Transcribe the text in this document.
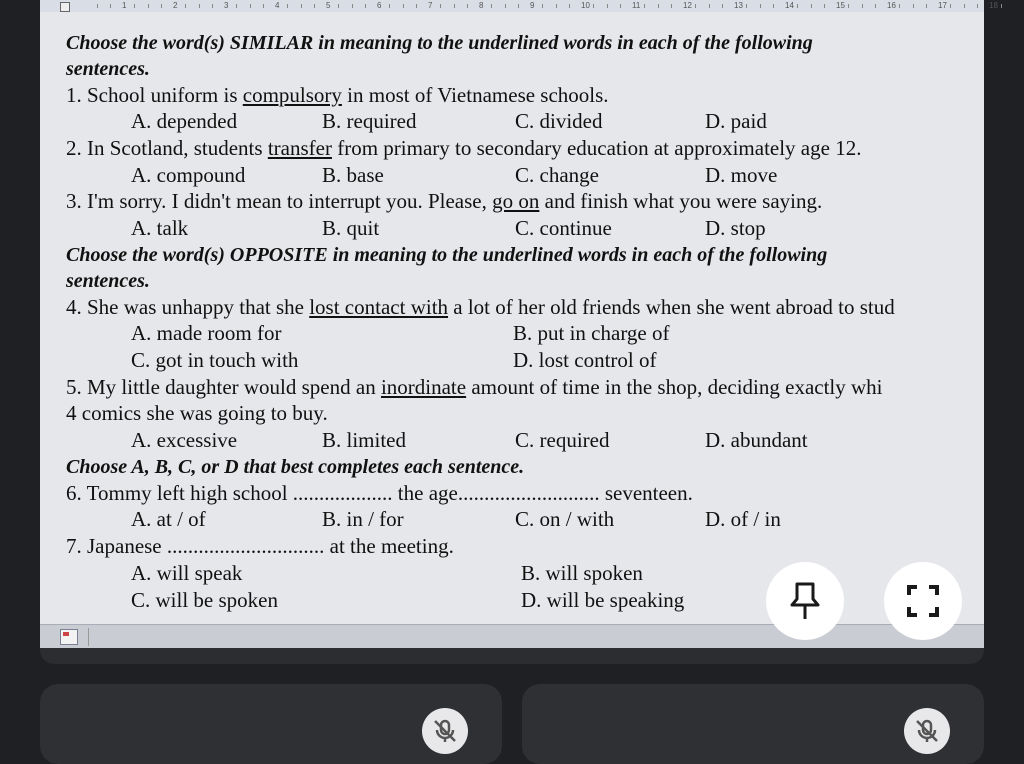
1	2	3	4	5	6	7	8	9	10	11	12	13	14	15	16	17	18
Choose the word(s) SIMILAR in meaning to the underlined words in each of the following
sentences.
1. School uniform is compulsory in most of Vietnamese schools.
A. depended	B. required	C. divided	D. paid
2. In Scotland, students transfer from primary to secondary education at approximately age 12.
A. compound	B. base	C. change	D. move
3. I'm sorry. I didn't mean to interrupt you. Please, go on and finish what you were saying.
A. talk	B. quit	C. continue	D. stop
Choose the word(s) OPPOSITE in meaning to the underlined words in each of the following
sentences.
4. She was unhappy that she lost contact with a lot of her old friends when she went abroad to stud
A. made room for	B. put in charge of
C. got in touch with	D. lost control of
5. My little daughter would spend an inordinate amount of time in the shop, deciding exactly whi
4 comics she was going to buy.
A. excessive	B. limited	C. required	D. abundant
Choose A, B, C, or D that best completes each sentence.
6. Tommy left high school ................... the age........................... seventeen.
A. at / of	B. in / for	C. on / with	D. of / in
7. Japanese .............................. at the meeting.
A. will speak	B. will spoken
C. will be spoken	D. will be speaking
